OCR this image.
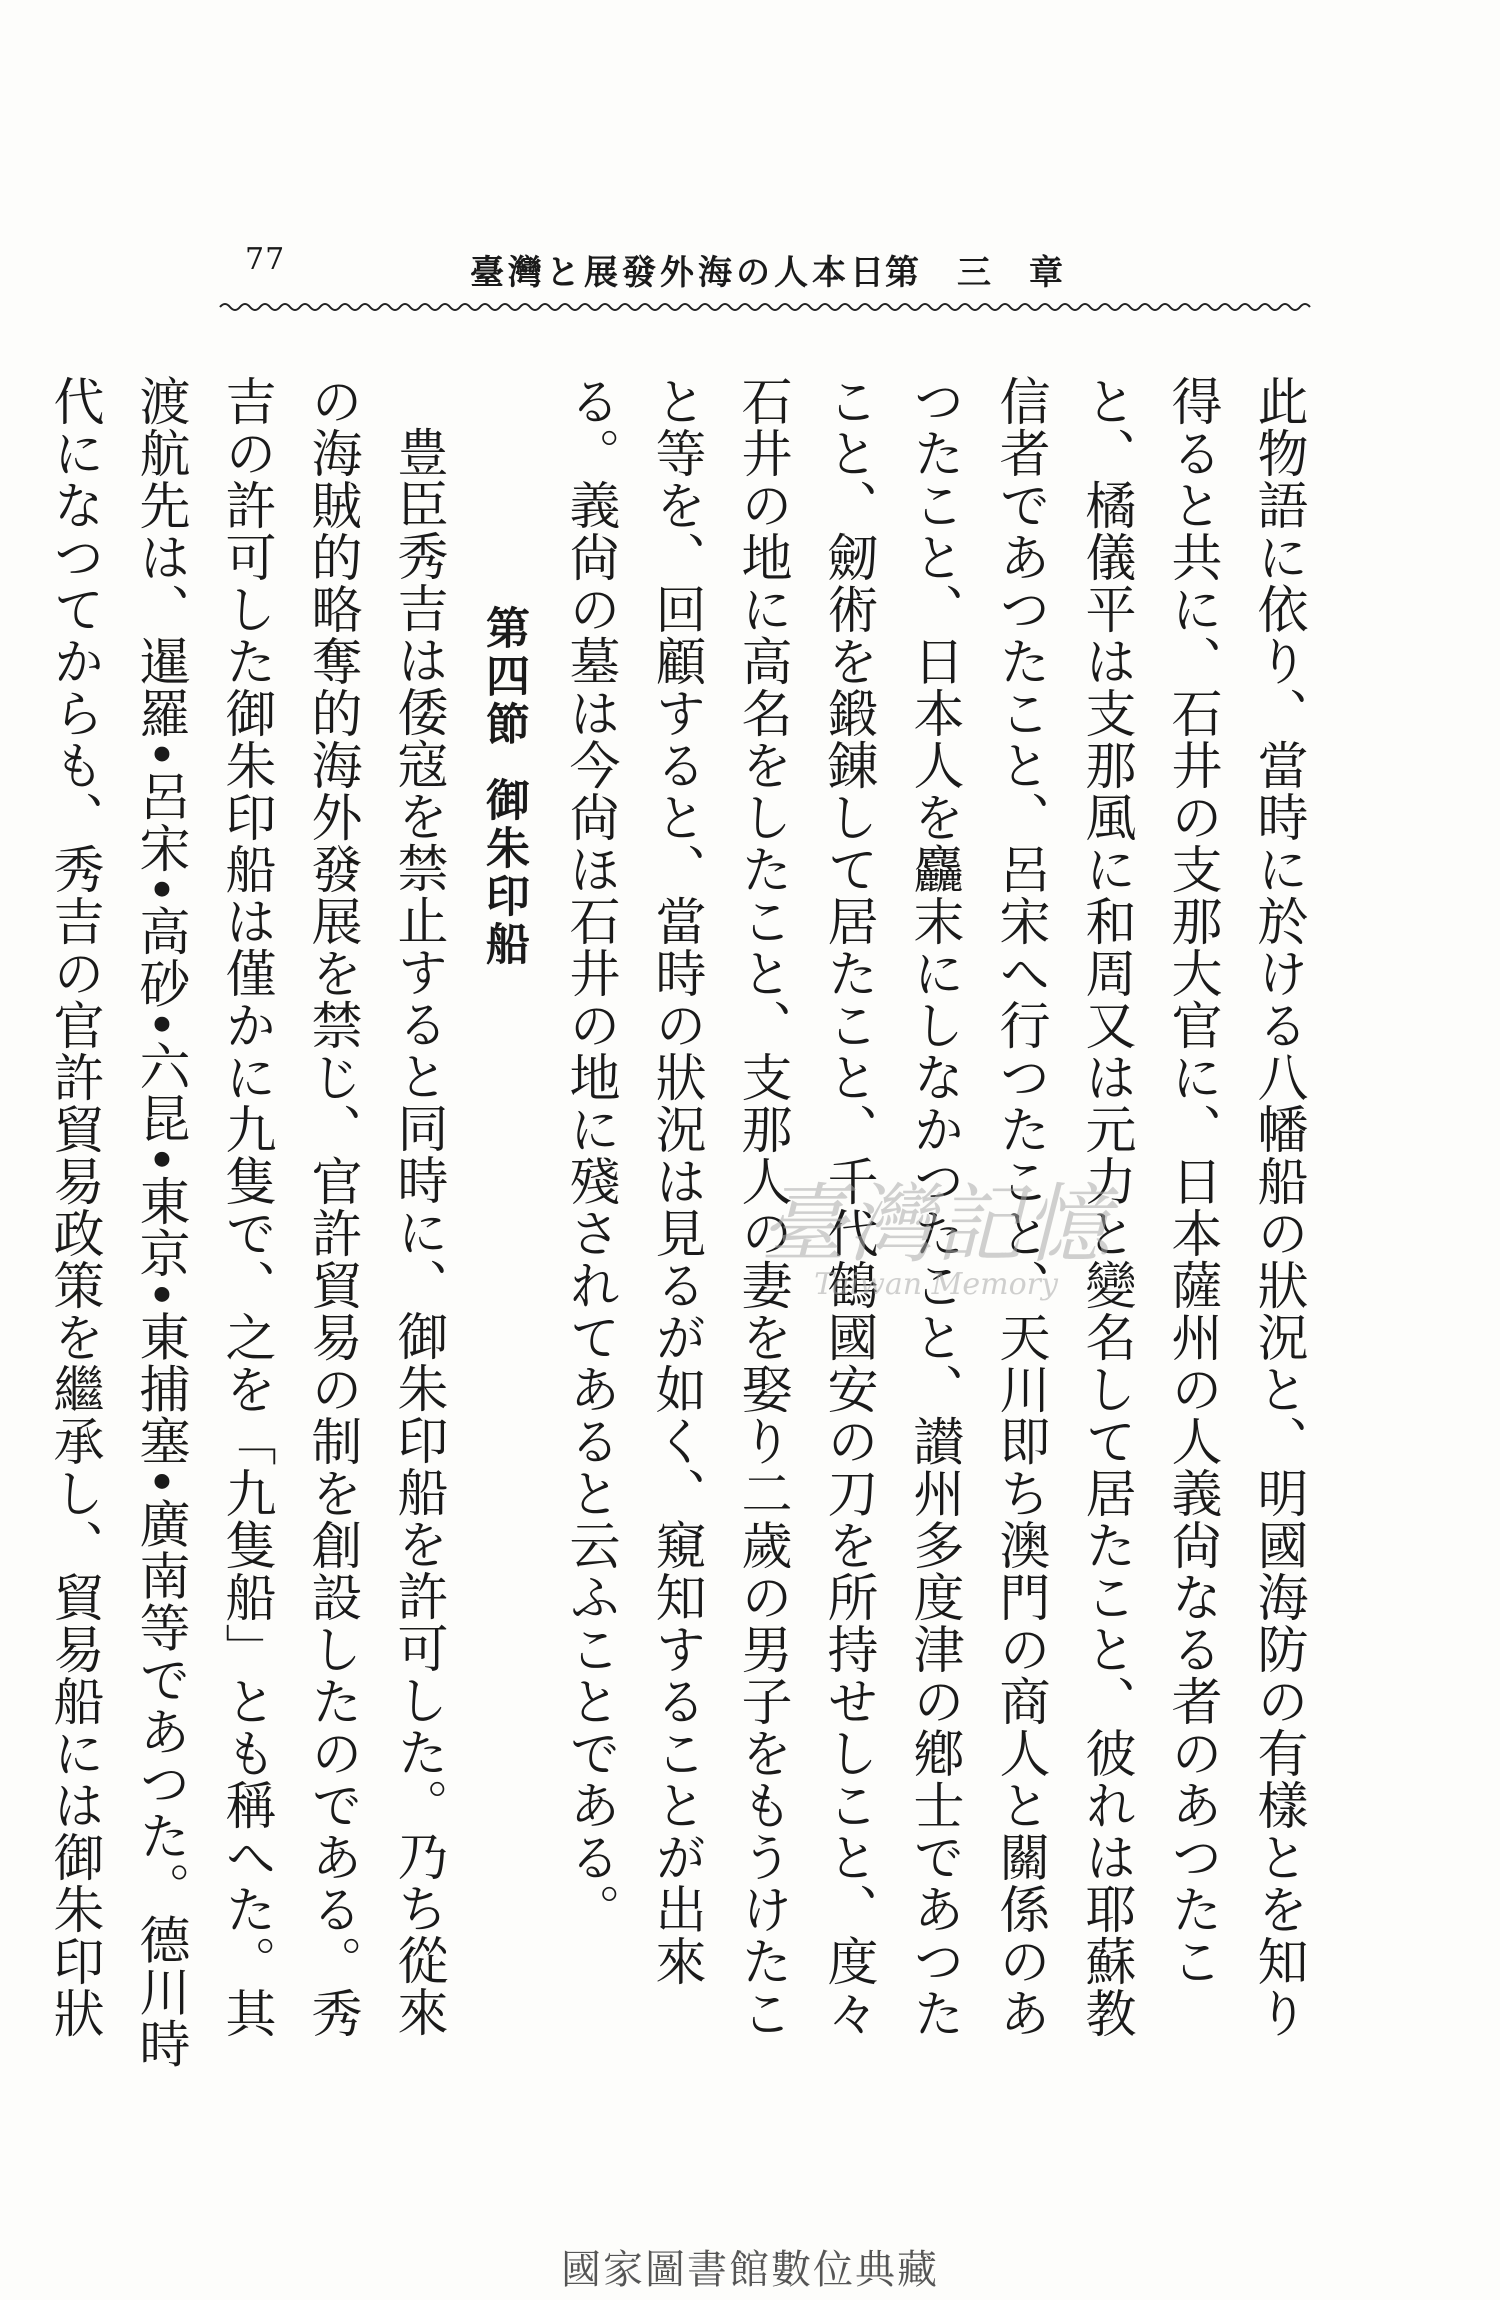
77	臺灣と展發外海の人本日
第三章

此物語に依り、當時に於ける八幡船の狀況と、明國海防の有樣とを知り得ると共に、石井の支那大官に、日本薩州の人義尙なる者のあつたこと、橘儀平は支那風に和周又は元力と變名して居たこと、彼れは耶蘇教信者であつたこと、呂宋へ行つたこと、天川即ち澳門の商人と關係のあつたこと、日本人を麤末にしなかつたこと、讃州多度津の鄕士であつたこと、劒術を鍛錬して居たこと、千代鶴國安の刀を所持せしこと、度々石井の地に高名をしたこと、支那人の妻を娶り二歲の男子をもうけたこと等を、回顧すると、當時の狀況は見るが如く、窺知することが出來る。義尙の墓は今尙ほ石井の地に殘されてあると云ふことである。

第四節御朱印船

豊臣秀吉は倭寇を禁止すると同時に、御朱印船を許可した。乃ち從來の海賊的略奪的海外發展を禁じ、官許貿易の制を創設したのである。秀吉の許可した御朱印船は僅かに九隻で、之を「九隻船」とも稱へた。其渡航先は、暹羅•呂宋•高砂•六昆•東京•東捕塞•廣南等であつた。德川時代になつてからも、秀吉の官許貿易政策を繼承し、貿易船には御朱印狀	臺灣記憶
Taiwan Memory
國家圖書館數位典藏
